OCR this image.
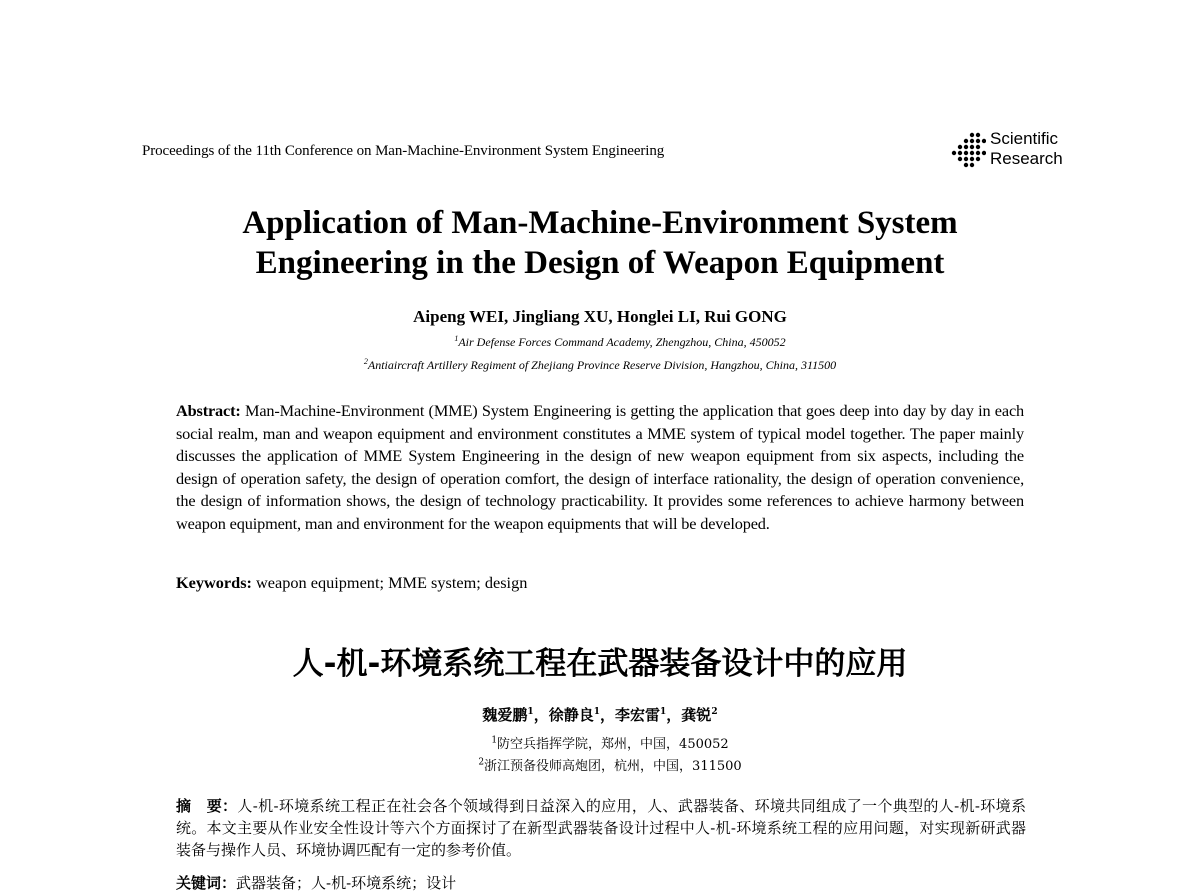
Proceedings of the 11th Conference on Man-Machine-Environment System Engineering
Scientific
Research
Application of Man-Machine-Environment System
Engineering in the Design of Weapon Equipment
Aipeng WEI, Jingliang XU, Honglei LI, Rui GONG
$^1$Air Defense Forces Command Academy, Zhengzhou, China, 450052
$^2$Antiaircraft Artillery Regiment of Zhejiang Province Reserve Division, Hangzhou, China, 311500
Abstract: Man-Machine-Environment (MME) System Engineering is getting the application that goes deep into day by day in each social realm, man and weapon equipment and environment constitutes a MME system of typical model together. The paper mainly discusses the application of MME System Engineering in the design of new weapon equipment from six aspects, including the design of operation safety, the design of operation comfort, the design of interface rationality, the design of operation convenience, the design of information shows, the design of technology practicability. It provides some references to achieve harmony between weapon equipment, man and environment for the weapon equipments that will be developed.
Keywords: weapon equipment; MME system; design
人-机-环境系统工程在武器装备设计中的应用
魏爱鹏$^1$，徐静良$^1$，李宏雷$^1$，龚锐$^2$
$^1$防空兵指挥学院，郑州，中国，450052
$^2$浙江预备役师高炮团，杭州，中国，311500
摘　要：人-机-环境系统工程正在社会各个领域得到日益深入的应用，人、武器装备、环境共同组成了一个典型的人-机-环境系统。本文主要从作业安全性设计等六个方面探讨了在新型武器装备设计过程中人-机-环境系统工程的应用问题，对实现新研武器装备与操作人员、环境协调匹配有一定的参考价值。
关键词：武器装备；人-机-环境系统；设计
